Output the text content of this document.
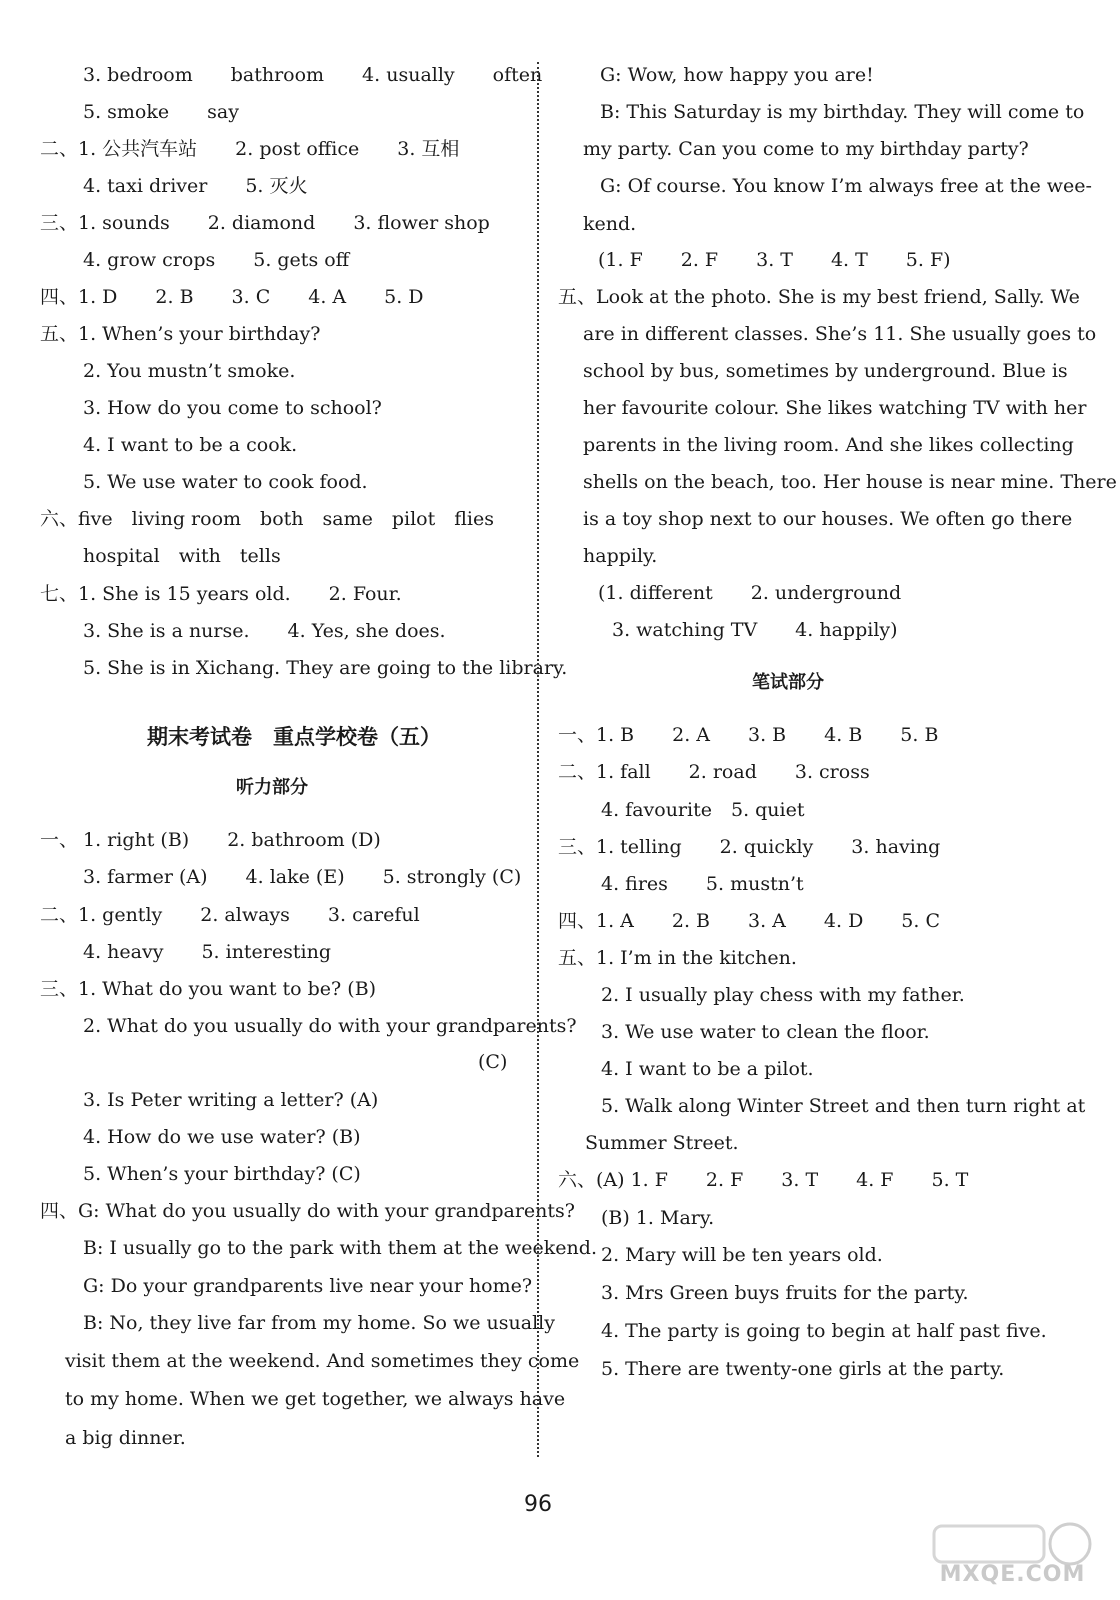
3. bedroom　　bathroom　　4. usually　　often
5. smoke　　say
二、1. 公共汽车站　　2. post office　　3. 互相
4. taxi driver　　5. 灭火
三、1. sounds　　2. diamond　　3. flower shop
4. grow crops　　5. gets off
四、1. D　　2. B　　3. C　　4. A　　5. D
五、1. When’s your birthday?
2. You mustn’t smoke.
3. How do you come to school?
4. I want to be a cook.
5. We use water to cook food.
六、five　living room　both　same　pilot　flies
hospital　with　tells
七、1. She is 15 years old.　　2. Four.
3. She is a nurse.　　4. Yes, she does.
5. She is in Xichang. They are going to the library.
一、 1. right (B)　　2. bathroom (D)
3. farmer (A)　　4. lake (E)　　5. strongly (C)
二、1. gently　　2. always　　3. careful
4. heavy　　5. interesting
三、1. What do you want to be? (B)
2. What do you usually do with your grandparents?
(C)
3. Is Peter writing a letter? (A)
4. How do we use water? (B)
5. When’s your birthday? (C)
四、G: What do you usually do with your grandparents?
B: I usually go to the park with them at the weekend.
G: Do your grandparents live near your home?
B: No, they live far from my home. So we usually
visit them at the weekend. And sometimes they come
to my home. When we get together, we always have
a big dinner.
期末考试卷　重点学校卷（五）
听力部分
G: Wow, how happy you are!
B: This Saturday is my birthday. They will come to
my party. Can you come to my birthday party?
G: Of course. You know I’m always free at the wee-
kend.
(1. F　　2. F　　3. T　　4. T　　5. F)
五、Look at the photo. She is my best friend, Sally. We
are in different classes. She’s 11. She usually goes to
school by bus, sometimes by underground. Blue is
her favourite colour. She likes watching TV with her
parents in the living room. And she likes collecting
shells on the beach, too. Her house is near mine. There
is a toy shop next to our houses. We often go there
happily.
(1. different　　2. underground
3. watching TV　　4. happily)
一、1. B　　2. A　　3. B　　4. B　　5. B
二、1. fall　　2. road　　3. cross
4. favourite　5. quiet
三、1. telling　　2. quickly　　3. having
4. fires　　5. mustn’t
四、1. A　　2. B　　3. A　　4. D　　5. C
五、1. I’m in the kitchen.
2. I usually play chess with my father.
3. We use water to clean the floor.
4. I want to be a pilot.
5. Walk along Winter Street and then turn right at
Summer Street.
六、(A) 1. F　　2. F　　3. T　　4. F　　5. T
(B) 1. Mary.
2. Mary will be ten years old.
3. Mrs Green buys fruits for the party.
4. The party is going to begin at half past five.
5. There are twenty-one girls at the party.
笔试部分
96
MXQE.COM
